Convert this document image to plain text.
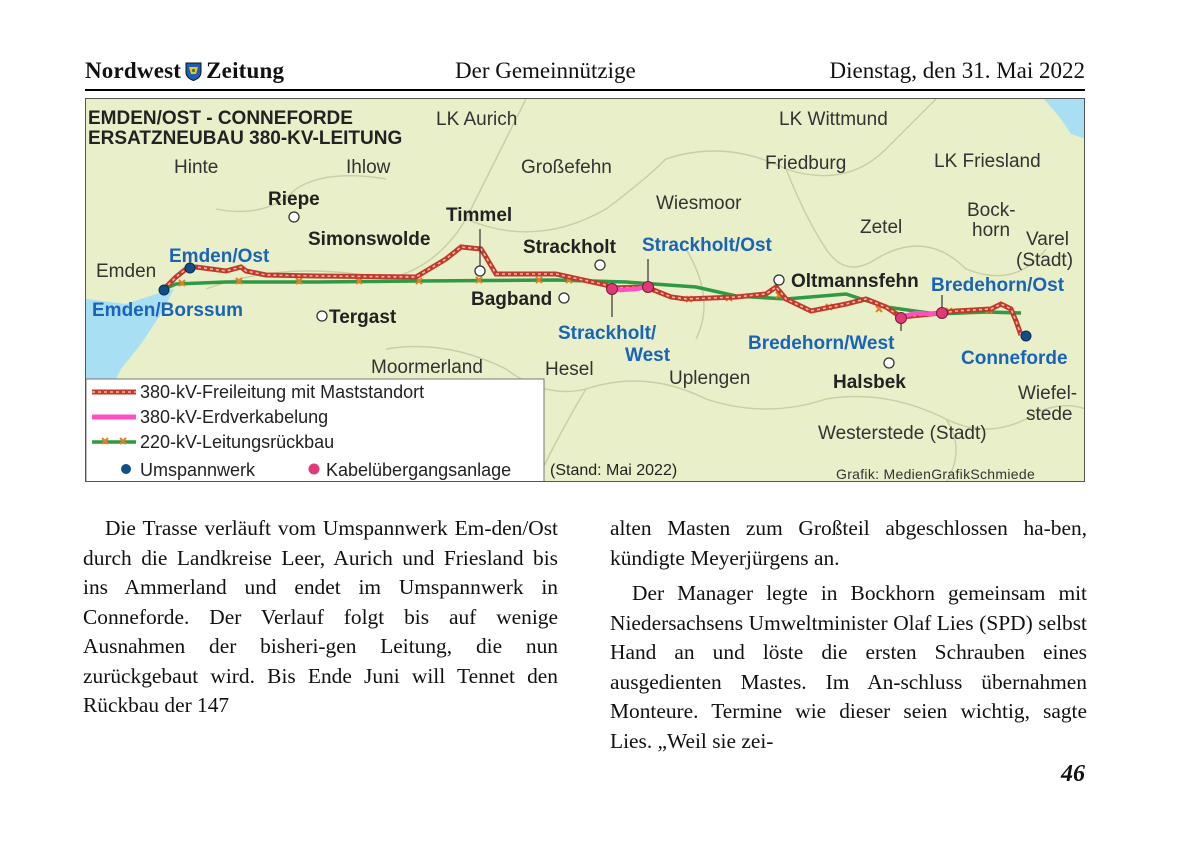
Nordwest Zeitung	Der Gemeinnützige	Dienstag, den 31. Mai 2022
EMDEN/OST - CONNEFORDE
ERSATZNEUBAU 380-KV-LEITUNG
LK Aurich	LK Wittmund
Hinte	Ihlow	Großefehn	Friedburg	LK Friesland
Wiesmoor
Zetel
Bock-
horn Varel
(Stadt)
Emden
Moormerland	Hesel	Uplengen
Wiefel-
stede
Westerstede (Stadt)
Riepe
Timmel
Simonswolde	Strackholt
Bagband
Tergast
Oltmannsfehn
Halsbek
Emden/Ost
Emden/Borssum
Strackholt/Ost
Strackholt/
West
Bredehorn/Ost
Bredehorn/West
Conneforde
380-kV-Freileitung mit Maststandort
380-kV-Erdverkabelung
220-kV-Leitungsrückbau
Umspannwerk	Kabelübergangsanlage (Stand: Mai 2022)	Grafik: MedienGrafikSchmiede

Die Trasse verläuft vom Umspannwerk Em-den/Ost durch die Landkreise Leer, Aurich und Friesland bis ins Ammerland und endet im Umspannwerk in Conneforde. Der Verlauf folgt bis auf wenige Ausnahmen der bisheri-gen Leitung, die nun zurückgebaut wird. Bis Ende Juni will Tennet den Rückbau der 147

alten Masten zum Großteil abgeschlossen ha-ben, kündigte Meyerjürgens an.

Der Manager legte in Bockhorn gemeinsam mit Niedersachsens Umweltminister Olaf Lies (SPD) selbst Hand an und löste die ersten Schrauben eines ausgedienten Mastes. Im An-schluss übernahmen Monteure. Termine wie dieser seien wichtig, sagte Lies. „Weil sie zei-

46
